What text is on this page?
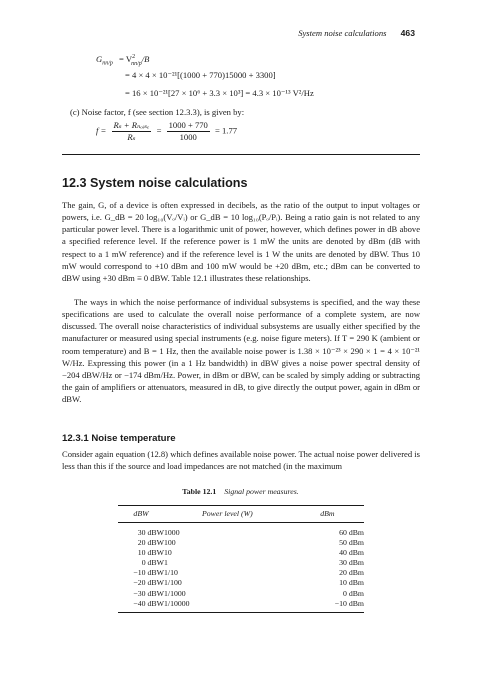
System noise calculations 463
$G_{nn/p} = V^2_{nn/p}/B$
= 4 × 4 × 10⁻²¹[(1000 + 770)15000 + 3300]
= 16 × 10⁻²¹[27 × 10⁶ + 3.3 × 10³] = 4.3 × 10⁻¹³ V²/Hz
(c) Noise factor, f (see section 12.3.3), is given by:
$f = \frac{\text{Rₛ + Rₙₒᵢₛₑ}}{\text{Rₛ}} = \frac{1000 + 770}{1000} = 1.77$
12.3 System noise calculations

The gain, G, of a device is often expressed in decibels, as the ratio of the output to input voltages or powers, i.e. G_dB = 20 log₁₀(Vₒ/Vᵢ) or G_dB = 10 log₁₀(Pₒ/Pᵢ). Being a ratio gain is not related to any particular power level. There is a logarithmic unit of power, however, which defines power in dB above a specified reference level. If the reference power is 1 mW the units are denoted by dBm (dB with respect to a 1 mW reference) and if the reference level is 1 W the units are denoted by dBW. Thus 10 mW would correspond to +10 dBm and 100 mW would be +20 dBm, etc.; dBm can be converted to dBW using +30 dBm ≡ 0 dBW. Table 12.1 illustrates these relationships.

The ways in which the noise performance of individual subsystems is specified, and the way these specifications are used to calculate the overall noise performance of a complete system, are now discussed. The overall noise characteristics of individual subsystems are usually either specified by the manufacturer or measured using special instruments (e.g. noise figure meters). If T = 290 K (ambient or room temperature) and B = 1 Hz, then the available noise power is 1.38 × 10⁻²³ × 290 × 1 = 4 × 10⁻²¹ W/Hz. Expressing this power (in a 1 Hz bandwidth) in dBW gives a noise power spectral density of −204 dBW/Hz or −174 dBm/Hz. Power, in dBm or dBW, can be scaled by simply adding or subtracting the gain of amplifiers or attenuators, measured in dB, to give directly the output power, again in dBm or dBW.

12.3.1 Noise temperature

Consider again equation (12.8) which defines available noise power. The actual noise power delivered is less than this if the source and load impedances are not matched (in the maximum

Table 12.1 Signal power measures.
dBW	Power level (W)	dBm
30 dBW	1000	60 dBm
20 dBW	100	50 dBm
10 dBW	10	40 dBm
0 dBW	1	30 dBm
−10 dBW	1/10	20 dBm
−20 dBW	1/100	10 dBm
−30 dBW	1/1000	0 dBm
−40 dBW	1/10000	−10 dBm
